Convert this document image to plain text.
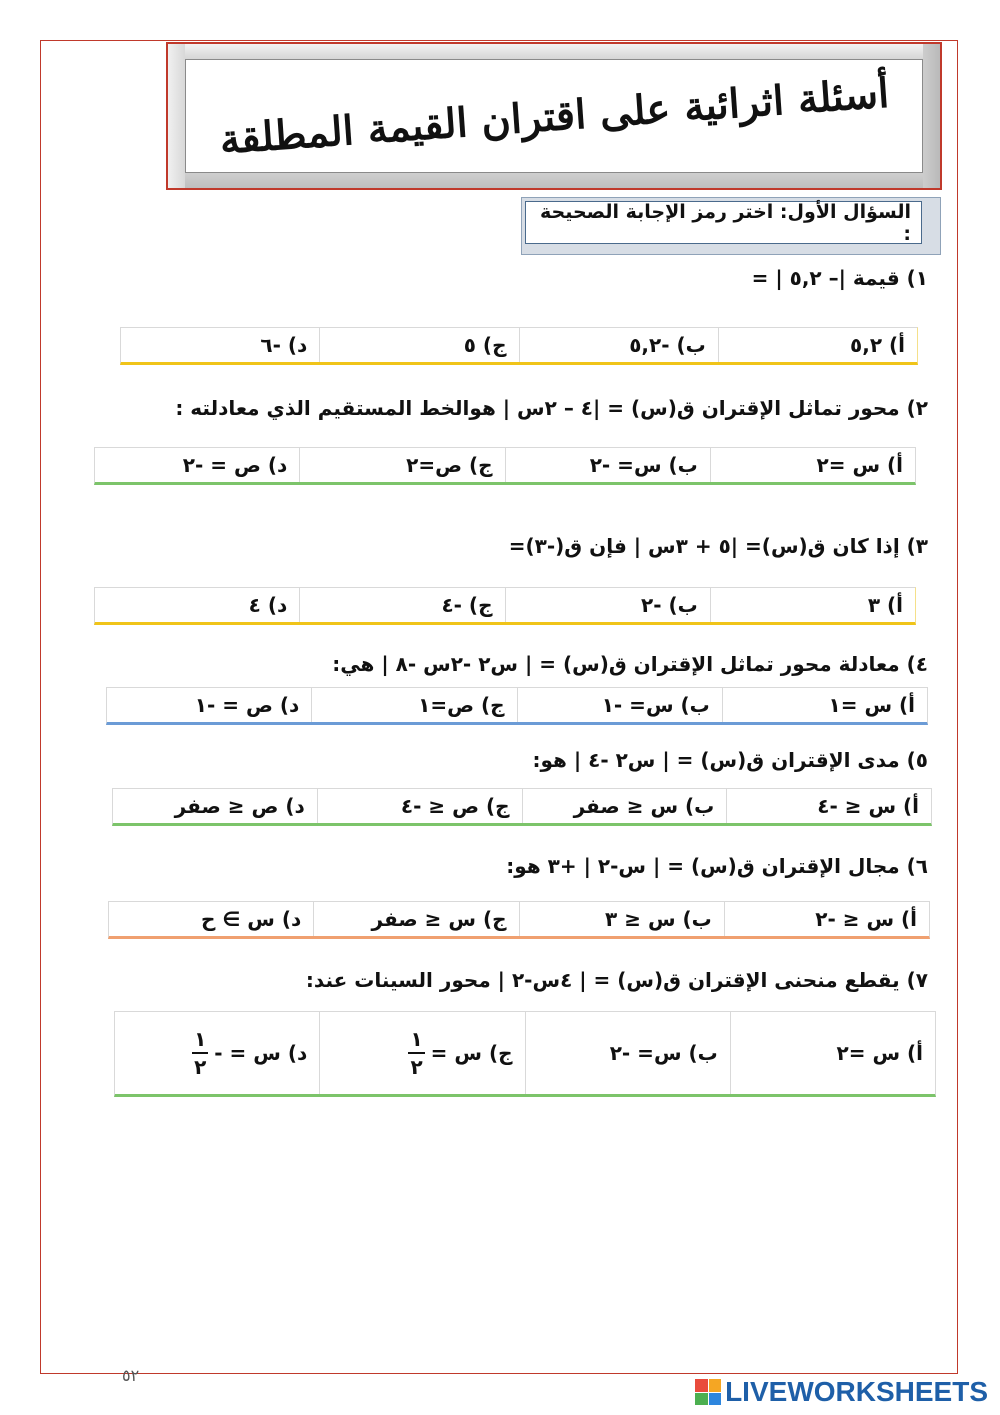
أسئلة اثرائية على اقتران القيمة المطلقة
السؤال الأول: اختر رمز الإجابة الصحيحة :
١) قيمة |– ٥,٢ | =
أ) ٥,٢
ب) -٥,٢
ج) ٥
د) -٦
٢) محور تماثل الإقتران ق(س) = |٤ – ٢س | هوالخط المستقيم الذي معادلته :
أ) س =٢
ب) س= -٢
ج) ص=٢
د) ص = -٢
٣) إذا كان ق(س)= |٥ + ٣س | فإن ق(-٣)=
أ) ٣
ب) -٢
ج) -٤
د) ٤
٤) معادلة محور تماثل الإقتران ق(س) = | س٢ -٢س -٨ | هي:
أ) س =١
ب) س= -١
ج) ص=١
د) ص = -١
٥) مدى الإقتران ق(س) = | س٢ -٤ | هو:
أ) س ≤ -٤
ب) س ≤ صفر
ج) ص ≤ -٤
د) ص ≤ صفر
٦) مجال الإقتران ق(س) = | س-٢ | +٣ هو:
أ) س ≤ -٢
ب) س ≤ ٣
ج) س ≤ صفر
د) س ∋ ح
٧) يقطع منحنى الإقتران ق(س) = | ٤س-٢ | محور السينات عند:
أ) س =٢
ب) س= -٢
ج) س =
$\frac{١}{٢}$
د) س = -
$\frac{١}{٢}$
٥٢
LIVEWORKSHEETS
